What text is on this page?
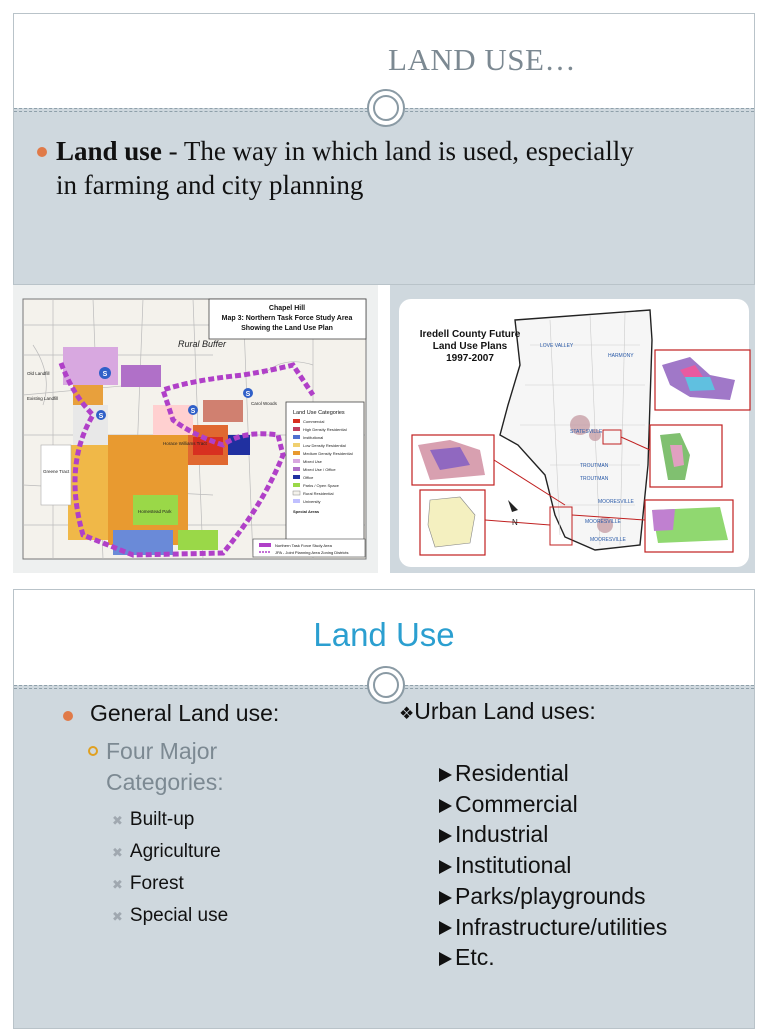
LAND USE…
Land use - The way in which land is used, especially in farming and city planning
Land Use Categories
Commercial
High Density Residential
Institutional
Low Density Residential
Medium Density Residential
Mixed Use
Mixed Use / Office
Office
Parks / Open Space
Rural Residential
University
Special Areas
Chapel Hill
Map 3: Northern Task Force Study Area
Showing the Land Use Plan
Rural Buffer
Greene Tract
Homestead Park
Carol Woods
Old Landfill
Existing Landfill
Horace Williams Tract
S
S
S
S
Northern Task Force Study Area
JPA - Joint Planning Area Zoning Districts
Iredell County Future
Land Use Plans
1997-2007
LOVE VALLEY
HARMONY
STATESVILLE
TROUTMAN
TROUTMAN
MOORESVILLE
MOORESVILLE
MOORESVILLE
N
Land Use
General Land use:
Four Major
Categories:
✖ Built-up
✖ Agriculture
✖ Forest
✖ Special use
❖Urban Land uses:
Residential
Commercial
Industrial
Institutional
Parks/playgrounds
Infrastructure/utilities
Etc.
